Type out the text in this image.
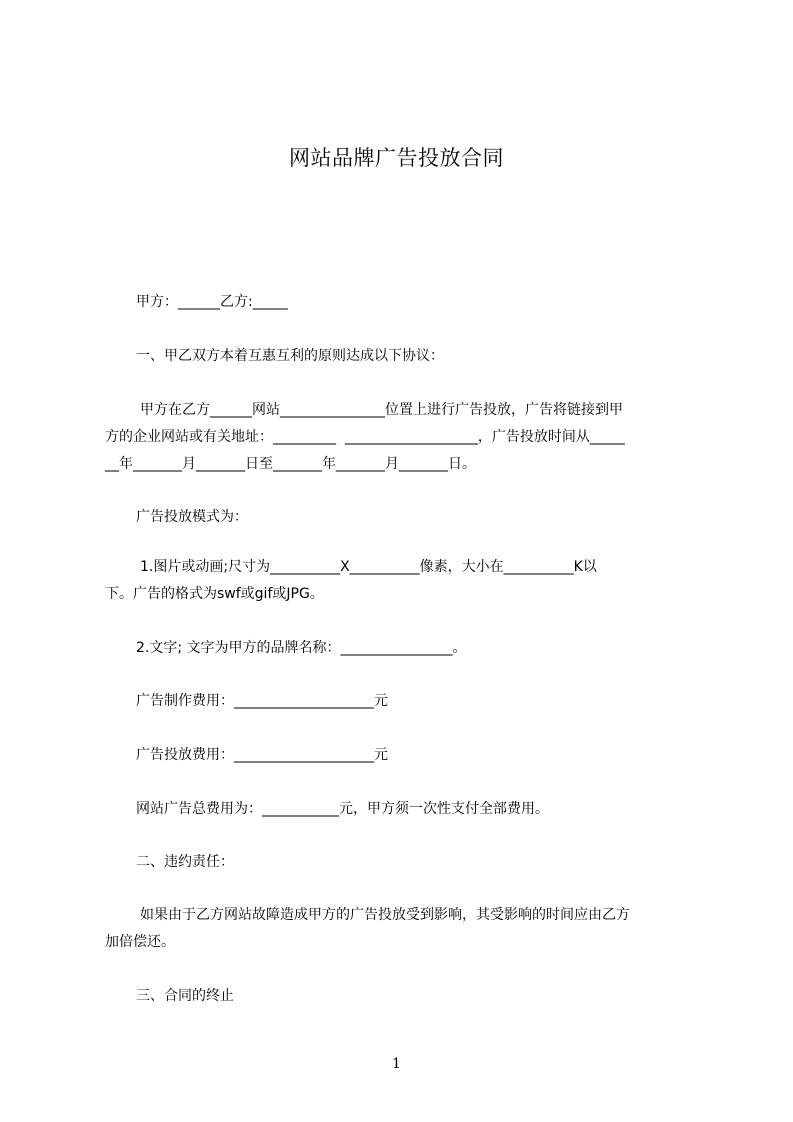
网站品牌广告投放合同
甲方：______乙方:_____
一、甲乙双方本着互惠互利的原则达成以下协议：
甲方在乙方______网站_______________位置上进行广告投放，广告将链接到甲
方的企业网站或有关地址：_________  ___________________，广告投放时间从_____
__年_______月_______日至_______年_______月_______日。
广告投放模式为：
1.图片或动画;尺寸为__________X__________像素，大小在__________K以
下。广告的格式为swf或gif或JPG。
2.文字; 文字为甲方的品牌名称：________________。
广告制作费用：____________________元
广告投放费用：____________________元
网站广告总费用为：___________元，甲方须一次性支付全部费用。
二、违约责任：
如果由于乙方网站故障造成甲方的广告投放受到影响，其受影响的时间应由乙方
加倍偿还。
三、合同的终止
1
